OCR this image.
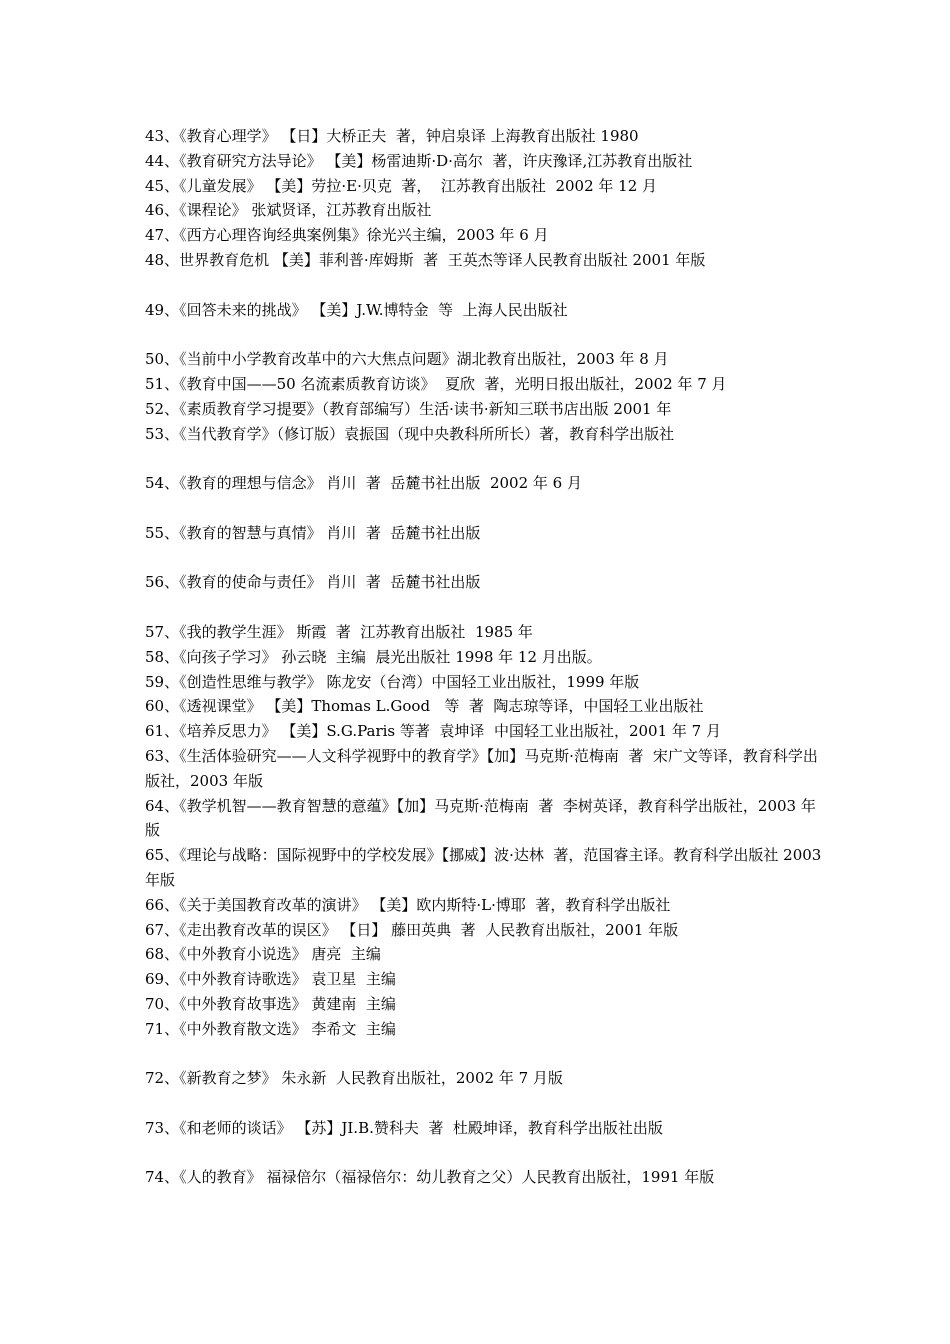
43、《教育心理学》 【日】大桥正夫  著，钟启泉译 上海教育出版社 1980
44、《教育研究方法导论》 【美】杨雷迪斯·D·高尔  著，许庆豫译,江苏教育出版社
45、《儿童发展》 【美】劳拉·E·贝克  著，  江苏教育出版社  2002 年 12 月
46、《课程论》 张斌贤译，江苏教育出版社
47、《西方心理咨询经典案例集》徐光兴主编，2003 年 6 月
48、世界教育危机 【美】菲利普·库姆斯  著  王英杰等译人民教育出版社 2001 年版
49、《回答未来的挑战》 【美】J.W.博特金  等  上海人民出版社
50、《当前中小学教育改革中的六大焦点问题》湖北教育出版社，2003 年 8 月
51、《教育中国——50 名流素质教育访谈》  夏欣  著，光明日报出版社，2002 年 7 月
52、《素质教育学习提要》（教育部编写）生活·读书·新知三联书店出版 2001 年
53、《当代教育学》（修订版）袁振国（现中央教科所所长）著，教育科学出版社
54、《教育的理想与信念》 肖川  著  岳麓书社出版  2002 年 6 月
55、《教育的智慧与真情》 肖川  著  岳麓书社出版
56、《教育的使命与责任》 肖川  著  岳麓书社出版
57、《我的教学生涯》 斯霞  著  江苏教育出版社  1985 年
58、《向孩子学习》 孙云晓  主编  晨光出版社 1998 年 12 月出版。
59、《创造性思维与教学》 陈龙安（台湾）中国轻工业出版社，1999 年版
60、《透视课堂》 【美】Thomas L.Good   等  著  陶志琼等译，中国轻工业出版社
61、《培养反思力》 【美】S.G.Paris 等著  袁坤译  中国轻工业出版社，2001 年 7 月
63、《生活体验研究——人文科学视野中的教育学》【加】马克斯·范梅南  著  宋广文等译，教育科学出版社，2003 年版
64、《教学机智——教育智慧的意蕴》【加】马克斯·范梅南  著  李树英译，教育科学出版社，2003 年版
65、《理论与战略：国际视野中的学校发展》【挪威】波·达林  著，范国睿主译。教育科学出版社 2003 年版
66、《关于美国教育改革的演讲》 【美】欧内斯特·L·博耶  著，教育科学出版社
67、《走出教育改革的误区》 【日】 藤田英典  著  人民教育出版社，2001 年版
68、《中外教育小说选》 唐亮  主编
69、《中外教育诗歌选》 袁卫星  主编
70、《中外教育故事选》 黄建南  主编
71、《中外教育散文选》 李希文  主编
72、《新教育之梦》 朱永新  人民教育出版社，2002 年 7 月版
73、《和老师的谈话》 【苏】JI.B.赞科夫  著  杜殿坤译，教育科学出版社出版
74、《人的教育》 福禄倍尔（福禄倍尔：幼儿教育之父）人民教育出版社，1991 年版
